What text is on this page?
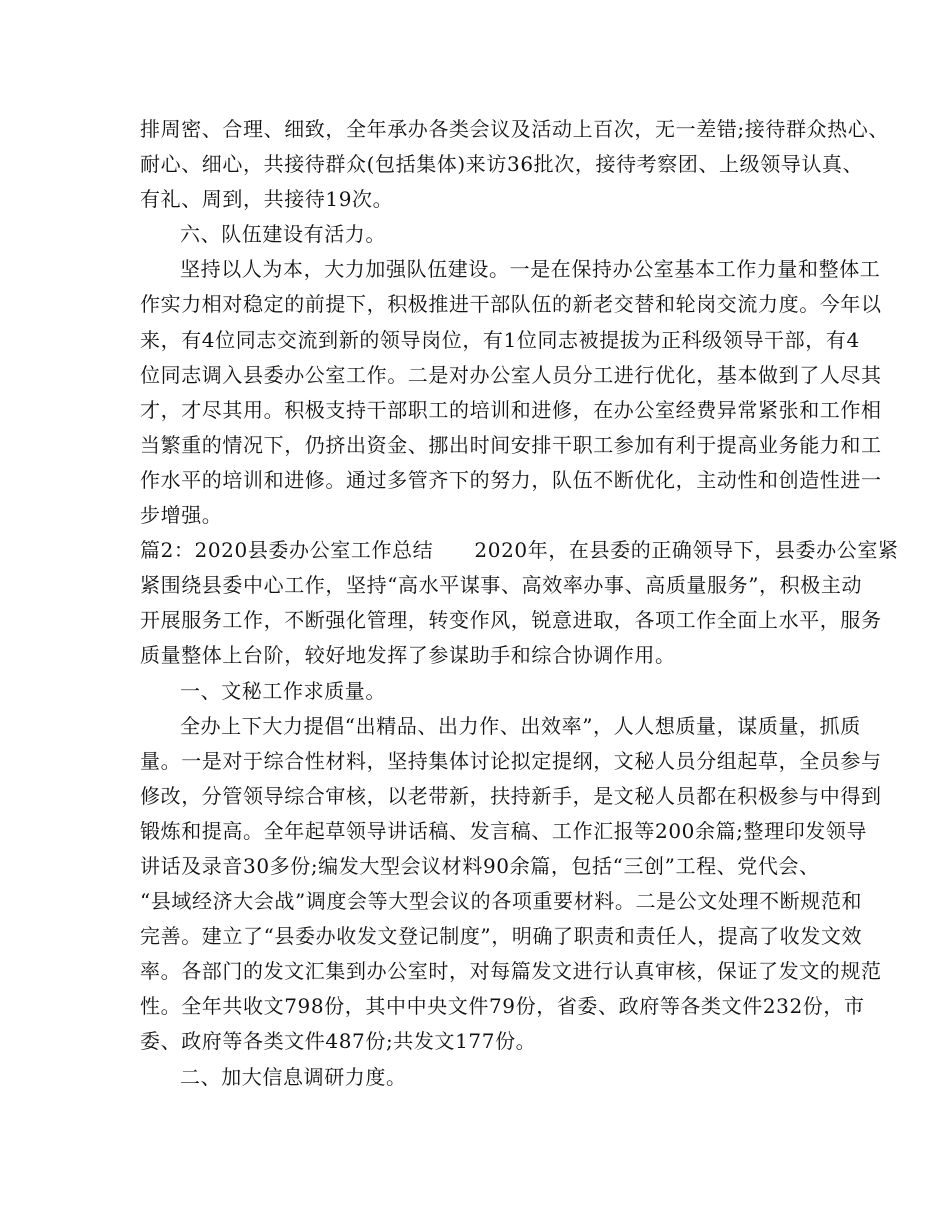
排周密、合理、细致，全年承办各类会议及活动上百次，无一差错;接待群众热心、
耐心、细心，共接待群众(包括集体)来访36批次，接待考察团、上级领导认真、
有礼、周到，共接待19次。
六、队伍建设有活力。
坚持以人为本，大力加强队伍建设。一是在保持办公室基本工作力量和整体工
作实力相对稳定的前提下，积极推进干部队伍的新老交替和轮岗交流力度。今年以
来，有4位同志交流到新的领导岗位，有1位同志被提拔为正科级领导干部，有4
位同志调入县委办公室工作。二是对办公室人员分工进行优化，基本做到了人尽其
才，才尽其用。积极支持干部职工的培训和进修，在办公室经费异常紧张和工作相
当繁重的情况下，仍挤出资金、挪出时间安排干职工参加有利于提高业务能力和工
作水平的培训和进修。通过多管齐下的努力，队伍不断优化，主动性和创造性进一
步增强。
篇2：2020县委办公室工作总结　　2020年，在县委的正确领导下，县委办公室紧
紧围绕县委中心工作，坚持“高水平谋事、高效率办事、高质量服务”，积极主动
开展服务工作，不断强化管理，转变作风，锐意进取，各项工作全面上水平，服务
质量整体上台阶，较好地发挥了参谋助手和综合协调作用。
一、文秘工作求质量。
全办上下大力提倡“出精品、出力作、出效率”，人人想质量，谋质量，抓质
量。一是对于综合性材料，坚持集体讨论拟定提纲，文秘人员分组起草，全员参与
修改，分管领导综合审核，以老带新，扶持新手，是文秘人员都在积极参与中得到
锻炼和提高。全年起草领导讲话稿、发言稿、工作汇报等200余篇;整理印发领导
讲话及录音30多份;编发大型会议材料90余篇，包括“三创”工程、党代会、
“县域经济大会战”调度会等大型会议的各项重要材料。二是公文处理不断规范和
完善。建立了“县委办收发文登记制度”，明确了职责和责任人，提高了收发文效
率。各部门的发文汇集到办公室时，对每篇发文进行认真审核，保证了发文的规范
性。全年共收文798份，其中中央文件79份，省委、政府等各类文件232份，市
委、政府等各类文件487份;共发文177份。
二、加大信息调研力度。
